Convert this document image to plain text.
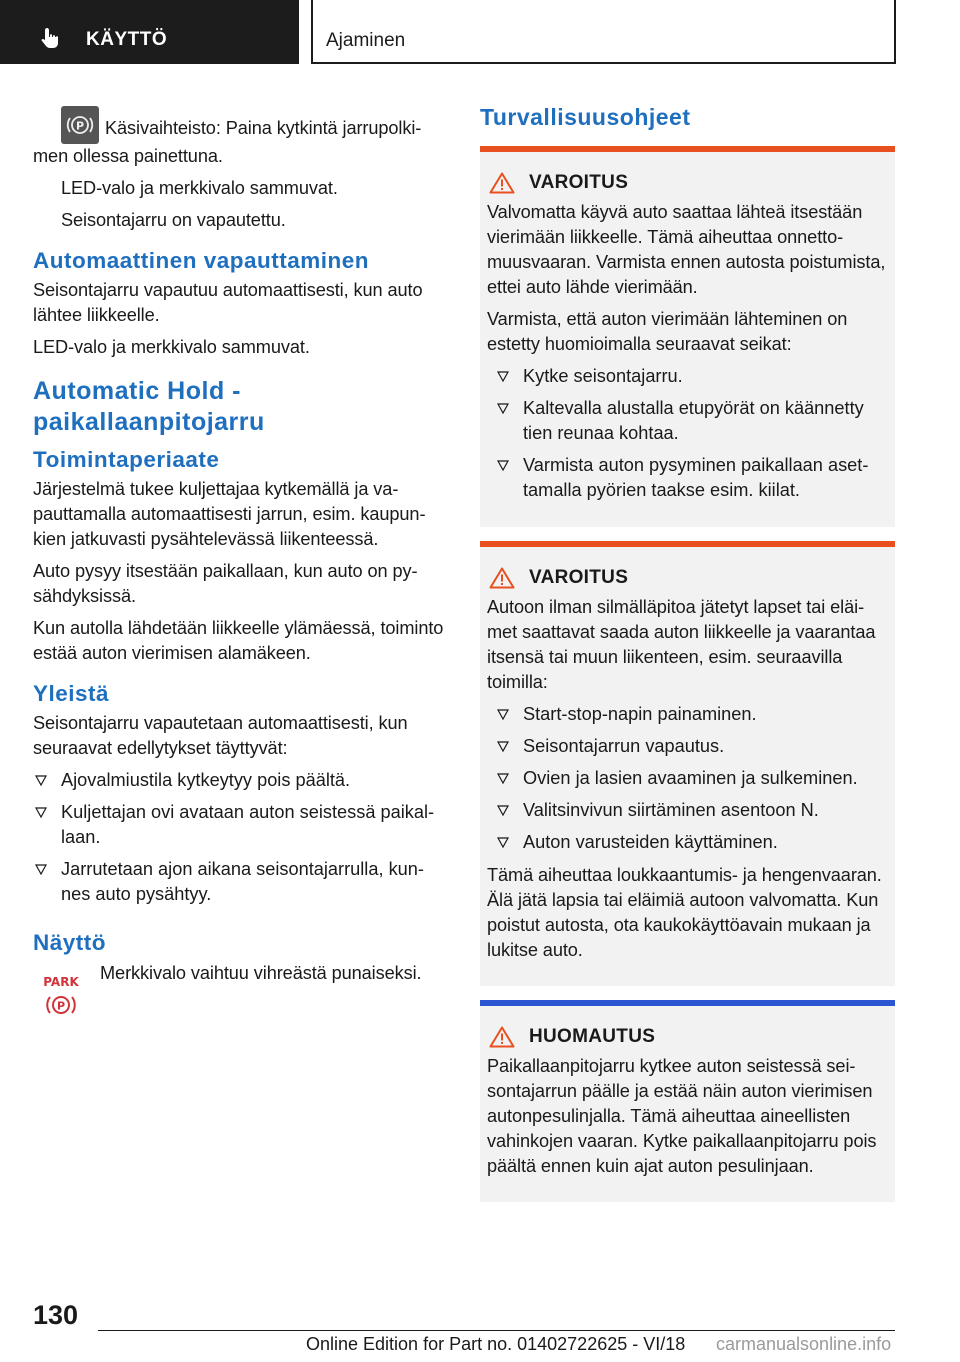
KÄYTTÖ	Ajaminen

P Käsivaihteisto: Paina kytkintä jarrupolkimen ollessa painettuna.

LED-valo ja merkkivalo sammuvat.

Seisontajarru on vapautettu.

Automaattinen vapauttaminen

Seisontajarru vapautuu automaattisesti, kun auto lähtee liikkeelle.

LED-valo ja merkkivalo sammuvat.

Automatic Hold - paikallaanpitojarru
Toimintaperiaate

Järjestelmä tukee kuljettajaa kytkemällä ja vapauttamalla automaattisesti jarrun, esim. kaupunkien jatkuvasti pysähtelevässä liikenteessä.

Auto pysyy itsestään paikallaan, kun auto on pysähdyksissä.

Kun autolla lähdetään liikkeelle ylämäessä, toiminto estää auton vierimisen alamäkeen.

Yleistä

Seisontajarru vapautetaan automaattisesti, kun seuraavat edellytykset täyttyvät:

Ajovalmiustila kytkeytyy pois päältä.
Kuljettajan ovi avataan auton seistessä paikallaan.
Jarrutetaan ajon aikana seisontajarrulla, kunnes auto pysähtyy.
Näyttö
PARK
P

Merkkivalo vaihtuu vihreästä punaiseksi.

Turvallisuusohjeet
VAROITUS

Valvomatta käyvä auto saattaa lähteä itsestään vierimään liikkeelle. Tämä aiheuttaa onnettomuusvaaran. Varmista ennen autosta poistumista, ettei auto lähde vierimään.

Varmista, että auton vierimään lähteminen on estetty huomioimalla seuraavat seikat:

Kytke seisontajarru.
Kaltevalla alustalla etupyörät on käännetty tien reunaa kohtaa.
Varmista auton pysyminen paikallaan asettamalla pyörien taakse esim. kiilat.
VAROITUS

Autoon ilman silmälläpitoa jätetyt lapset tai eläimet saattavat saada auton liikkeelle ja vaarantaa itsensä tai muun liikenteen, esim. seuraavilla toimilla:

Start-stop-napin painaminen.
Seisontajarrun vapautus.
Ovien ja lasien avaaminen ja sulkeminen.
Valitsinvivun siirtäminen asentoon N.
Auton varusteiden käyttäminen.

Tämä aiheuttaa loukkaantumis- ja hengenvaaran. Älä jätä lapsia tai eläimiä autoon valvomatta. Kun poistut autosta, ota kaukokäyttöavain mukaan ja lukitse auto.

HUOMAUTUS

Paikallaanpitojarru kytkee auton seistessä seisontajarrun päälle ja estää näin auton vierimisen autonpesulinjalla. Tämä aiheuttaa aineellisten vahinkojen vaaran. Kytke paikallaanpitojarru pois päältä ennen kuin ajat auton pesulinjaan.

130
Online Edition for Part no. 01402722625 - VI/18 carmanualsonline.info
